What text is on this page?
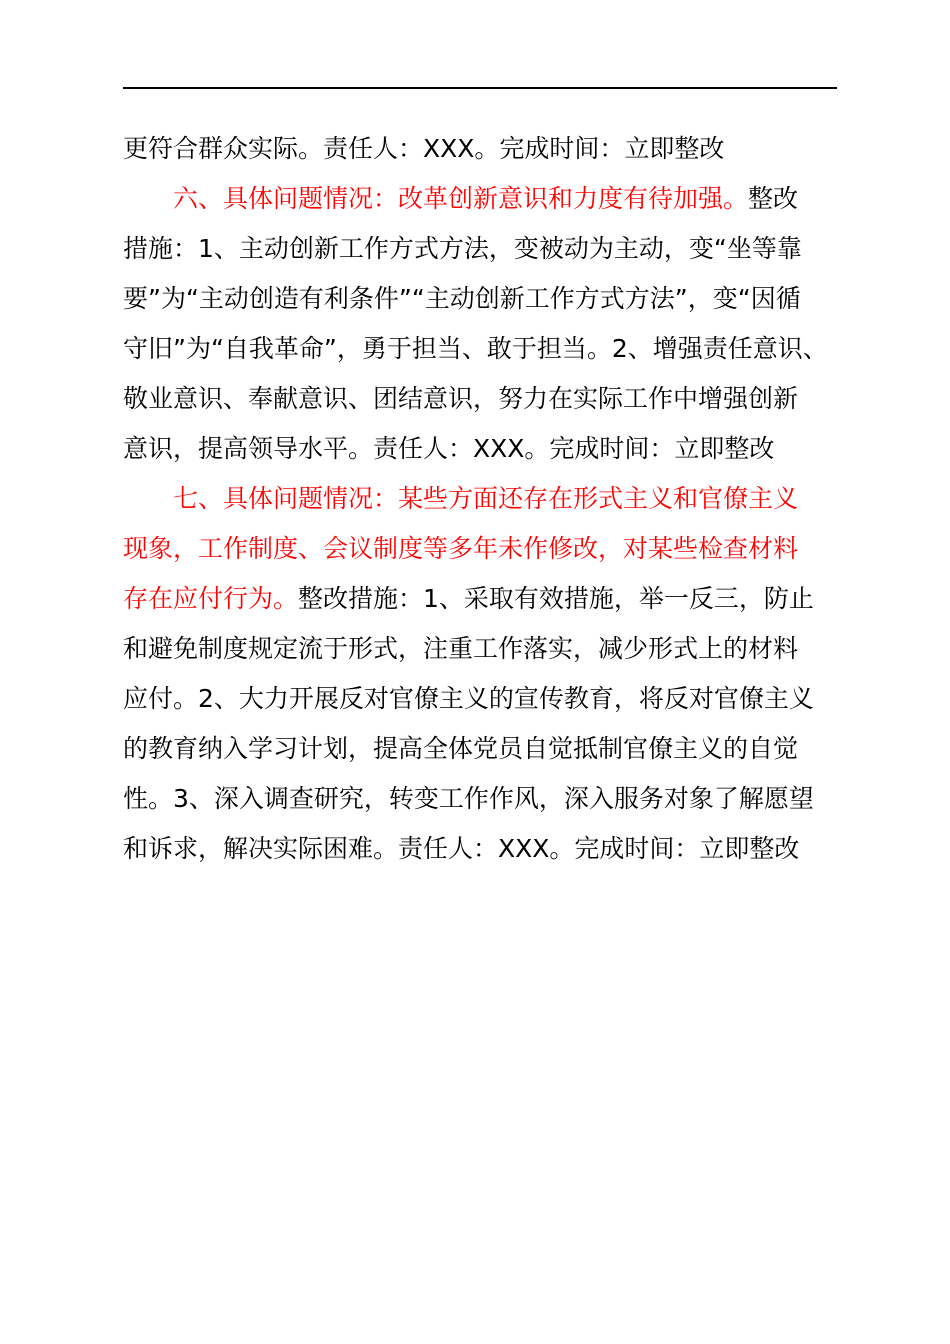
更符合群众实际。责任人：XXX。完成时间：立即整改
六、具体问题情况：改革创新意识和力度有待加强。整改
措施：1、主动创新工作方式方法，变被动为主动，变“坐等靠
要”为“主动创造有利条件”“主动创新工作方式方法”，变“因循
守旧”为“自我革命”，勇于担当、敢于担当。2、增强责任意识、
敬业意识、奉献意识、团结意识，努力在实际工作中增强创新
意识，提高领导水平。责任人：XXX。完成时间：立即整改
七、具体问题情况：某些方面还存在形式主义和官僚主义
现象，工作制度、会议制度等多年未作修改，对某些检查材料
存在应付行为。整改措施：1、采取有效措施，举一反三，防止
和避免制度规定流于形式，注重工作落实，减少形式上的材料
应付。2、大力开展反对官僚主义的宣传教育，将反对官僚主义
的教育纳入学习计划，提高全体党员自觉抵制官僚主义的自觉
性。3、深入调查研究，转变工作作风，深入服务对象了解愿望
和诉求，解决实际困难。责任人：XXX。完成时间：立即整改
